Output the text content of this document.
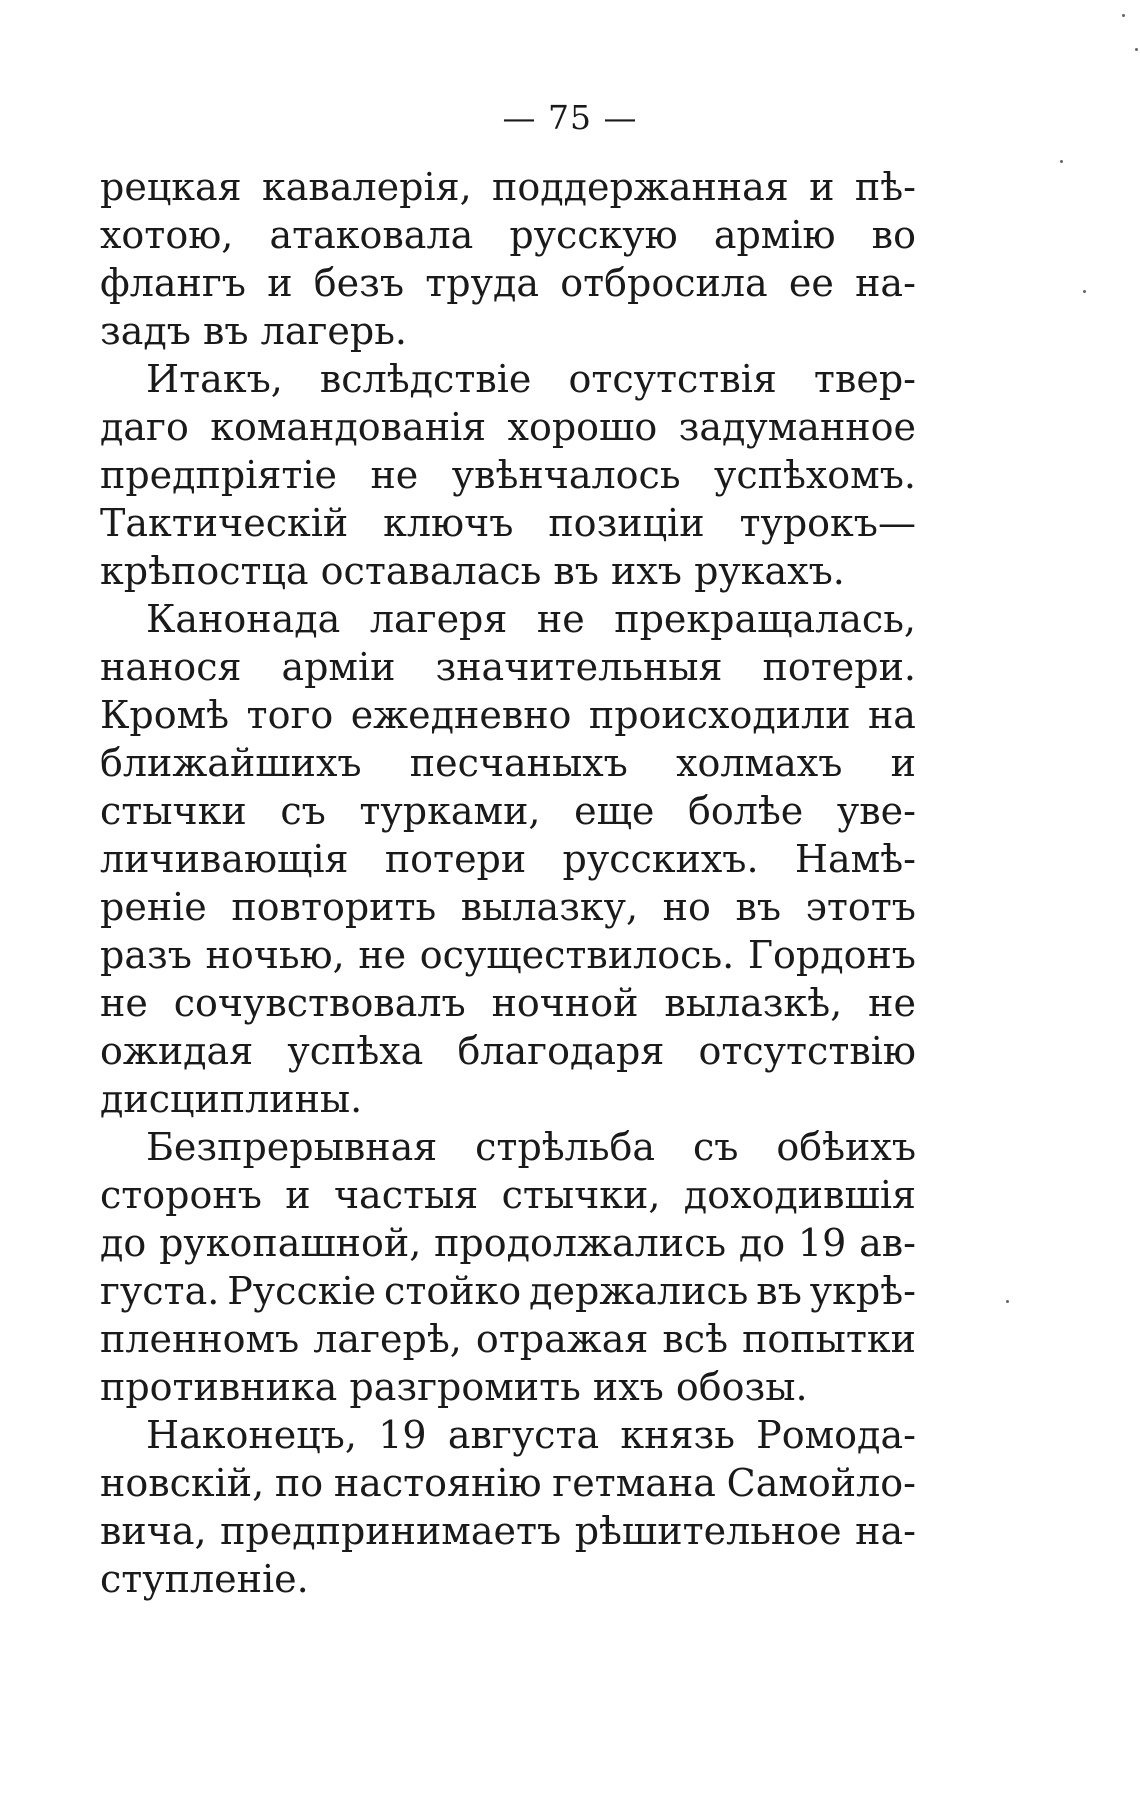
— 75 —
рецкая кавалерія, поддержанная и пѣ-
хотою, атаковала русскую армію во
флангъ и безъ труда отбросила ее на-
задъ въ лагерь.
Итакъ, вслѣдствіе отсутствія твер-
даго командованія хорошо задуманное
предпріятіе не увѣнчалось успѣхомъ.
Тактическій ключъ позиціи турокъ—
крѣпостца оставалась въ ихъ рукахъ.
Канонада лагеря не прекращалась,
нанося арміи значительныя потери.
Кромѣ того ежедневно происходили на
ближайшихъ песчаныхъ холмахъ и
стычки съ турками, еще болѣе уве-
личивающія потери русскихъ. Намѣ-
реніе повторить вылазку, но въ этотъ
разъ ночью, не осуществилось. Гордонъ
не сочувствовалъ ночной вылазкѣ, не
ожидая успѣха благодаря отсутствію
дисциплины.
Безпрерывная стрѣльба съ обѣихъ
сторонъ и частыя стычки, доходившія
до рукопашной, продолжались до 19 ав-
густа. Русскіе стойко держались въ укрѣ-
пленномъ лагерѣ, отражая всѣ попытки
противника разгромить ихъ обозы.
Наконецъ, 19 августа князь Ромода-
новскій, по настоянію гетмана Самойло-
вича, предпринимаетъ рѣшительное на-
ступленіе.
